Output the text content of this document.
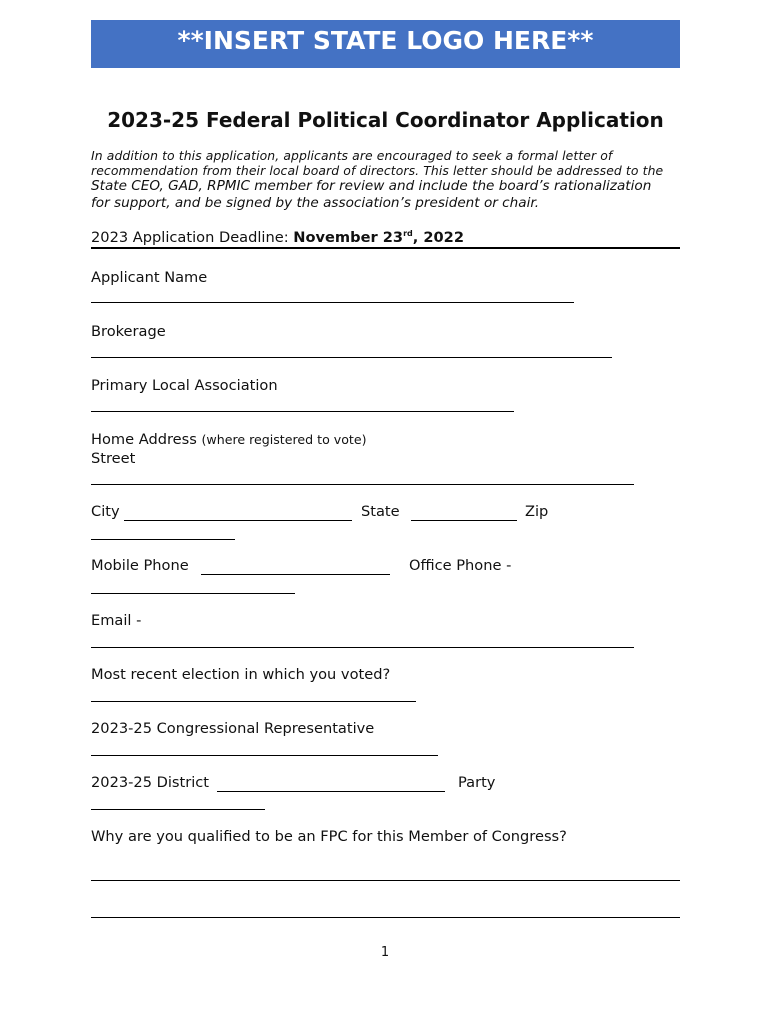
**INSERT STATE LOGO HERE**
2023-25 Federal Political Coordinator Application
In addition to this application, applicants are encouraged to seek a formal letter of
recommendation from their local board of directors. This letter should be addressed to the
State CEO, GAD, RPMIC member for review and include the board’s rationalization
for support, and be signed by the association’s president or chair.
2023 Application Deadline: November 23rd, 2022
Applicant Name
Brokerage
Primary Local Association
Home Address (where registered to vote)
Street
City	State	Zip
Mobile Phone	Office Phone -
Email -
Most recent election in which you voted?
2023-25 Congressional Representative
2023-25 District	Party
Why are you qualified to be an FPC for this Member of Congress?
1
